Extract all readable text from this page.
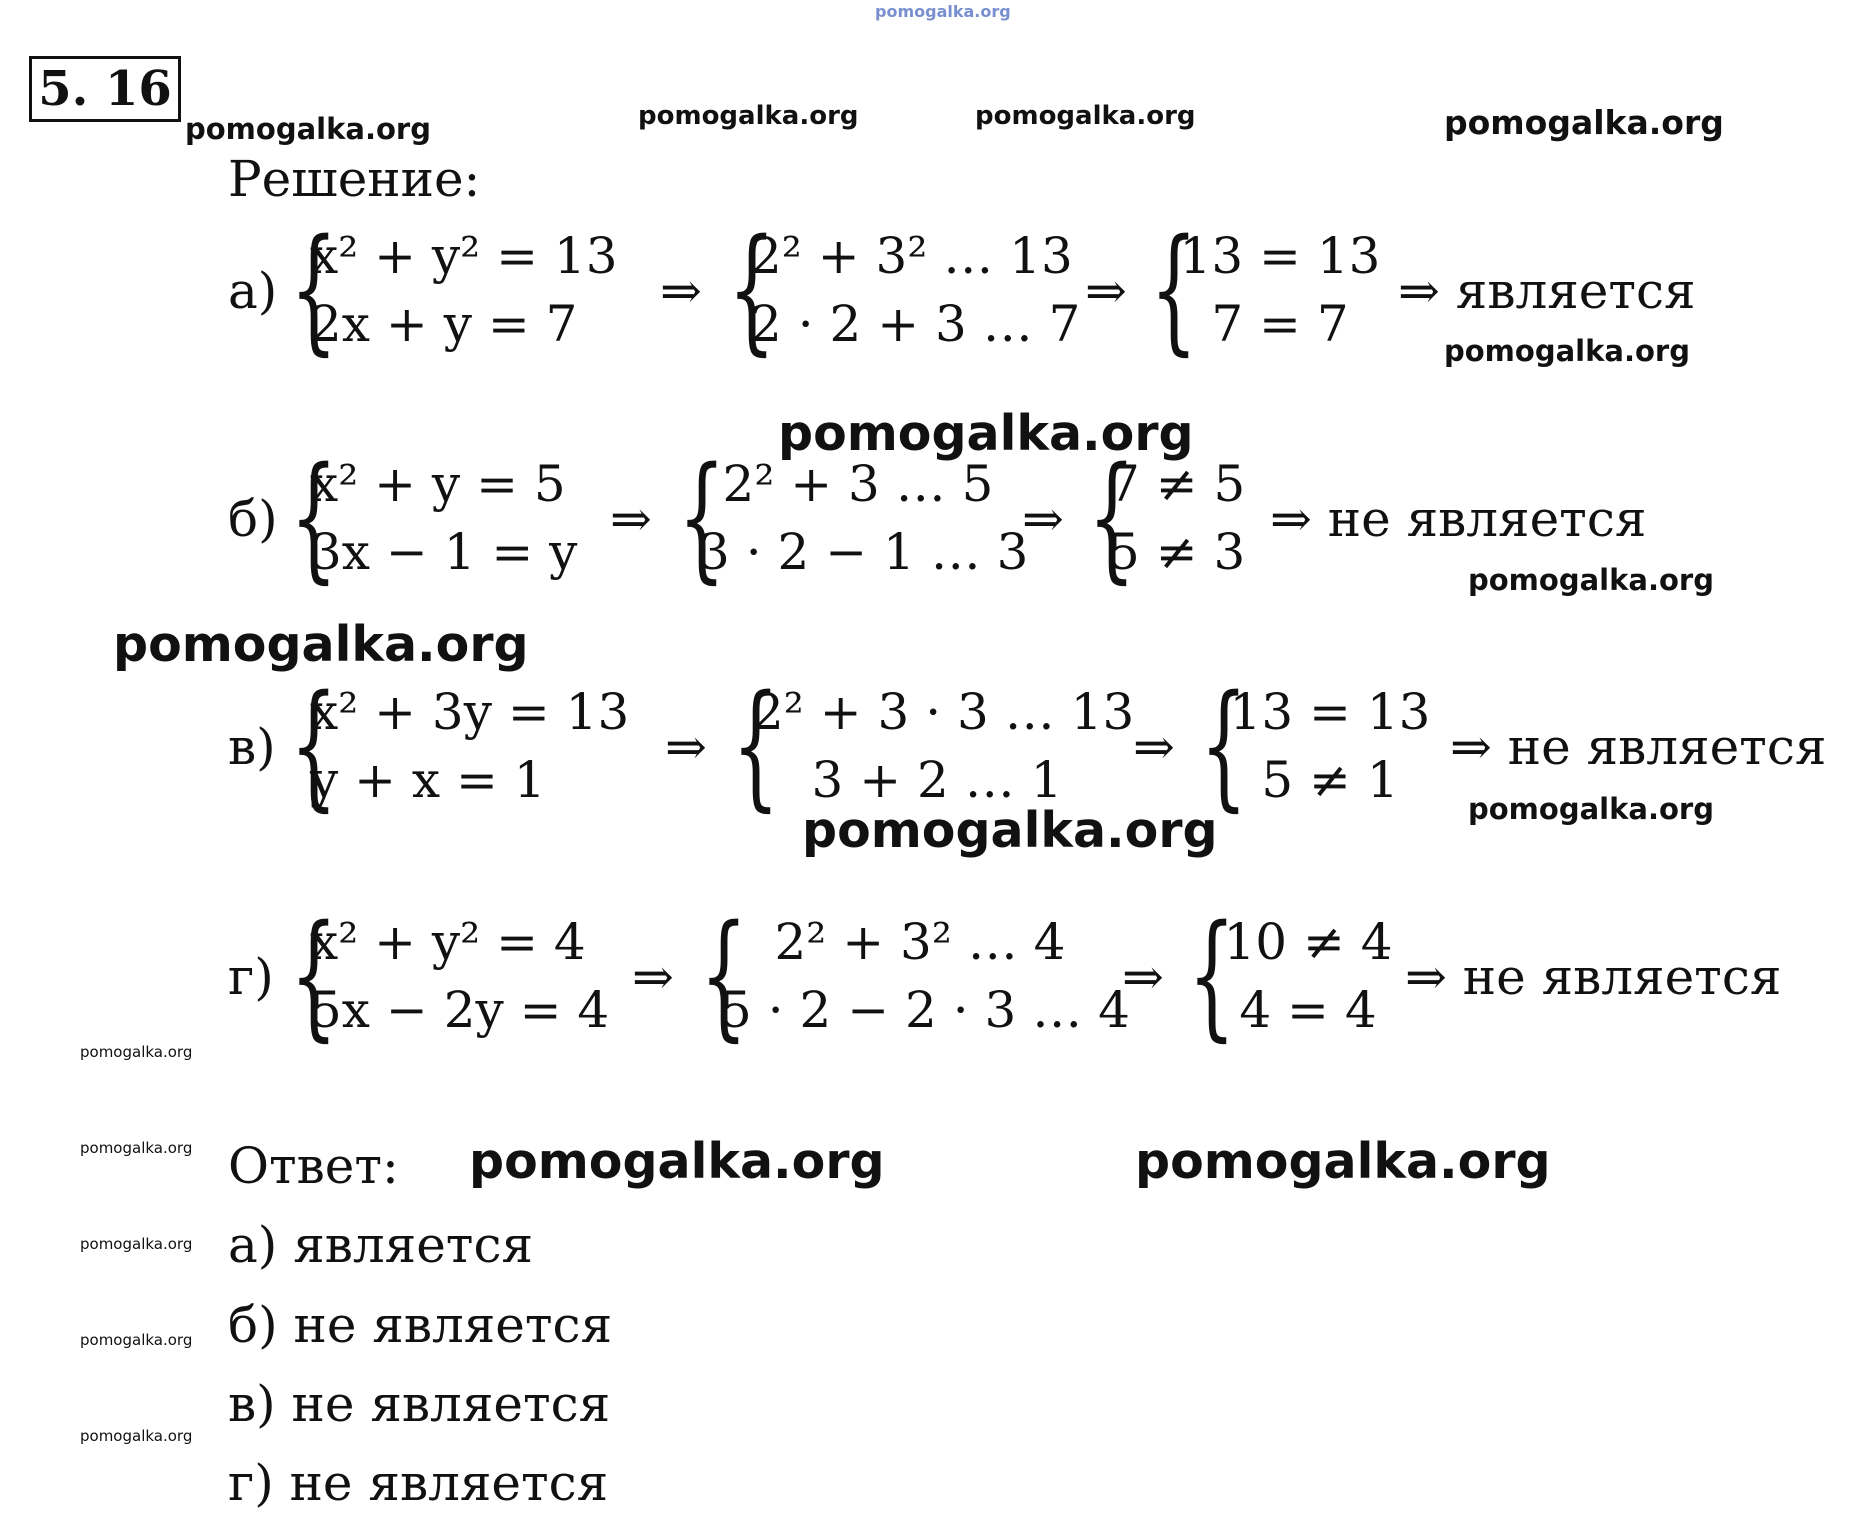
pomogalka.org
pomogalka.org	pomogalka.org	pomogalka.org	pomogalka.org
pomogalka.org
pomogalka.org
pomogalka.org
pomogalka.org
pomogalka.org
pomogalka.org
pomogalka.org
pomogalka.org	pomogalka.org	pomogalka.org
pomogalka.org
pomogalka.org
pomogalka.org
5. 16
Решение:
а) {
x² + y² = 13
2x + y = 7
⇒ {
2² + 3² … 13
2 · 2 + 3 … 7
⇒ {
13 = 13
7 = 7
⇒ является
б) {
x² + y = 5
3x − 1 = y
⇒ {
2² + 3 … 5
3 · 2 − 1 … 3
⇒ {
7 ≠ 5
5 ≠ 3
⇒ не является
в) {
x² + 3y = 13
y + x = 1
⇒ {
2² + 3 · 3 … 13
3 + 2 … 1
⇒ {
13 = 13
5 ≠ 1
⇒ не является
г) {
x² + y² = 4
5x − 2y = 4
⇒ { 2² + 3² … 4
5 · 2 − 2 · 3 … 4
⇒ {
10 ≠ 4
4 = 4
⇒ не является
Ответ:
а) является
б) не является
в) не является
г) не является
